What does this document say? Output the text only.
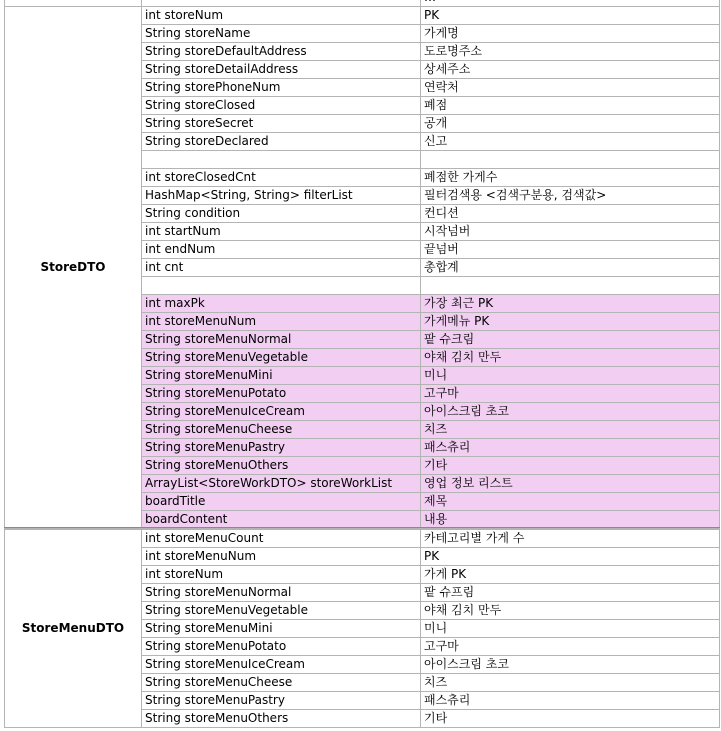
StoreDTO	int storeNum	PK
	String storeName	가게명
	String storeDefaultAddress	도로명주소
	String storeDetailAddress	상세주소
	String storePhoneNum	연락처
	String storeClosed	폐점
	String storeSecret	공개
	String storeDeclared	신고

	int storeClosedCnt	폐점한 가게수
	HashMap<String, String> filterList	필터검색용 <검색구분용, 검색값>
	String condition	컨디션
	int startNum	시작넘버
	int endNum	끝넘버
	int cnt	총합계

	int maxPk	가장 최근 PK
	int storeMenuNum	가게메뉴 PK
	String storeMenuNormal	팥 슈크림
	String storeMenuVegetable	야채 김치 만두
	String storeMenuMini	미니
	String storeMenuPotato	고구마
	String storeMenuIceCream	아이스크림 초코
	String storeMenuCheese	치즈
	String storeMenuPastry	패스츄리
	String storeMenuOthers	기타
	ArrayList<StoreWorkDTO> storeWorkList	영업 정보 리스트
	boardTitle	제목
	boardContent	내용
StoreMenuDTO	int storeMenuCount	카테고리별 가게 수
	int storeMenuNum	PK
	int storeNum	가게 PK
	String storeMenuNormal	팥 슈프림
	String storeMenuVegetable	야채 김치 만두
	String storeMenuMini	미니
	String storeMenuPotato	고구마
	String storeMenuIceCream	아이스크림 초코
	String storeMenuCheese	치즈
	String storeMenuPastry	패스츄리
	String storeMenuOthers	기타
